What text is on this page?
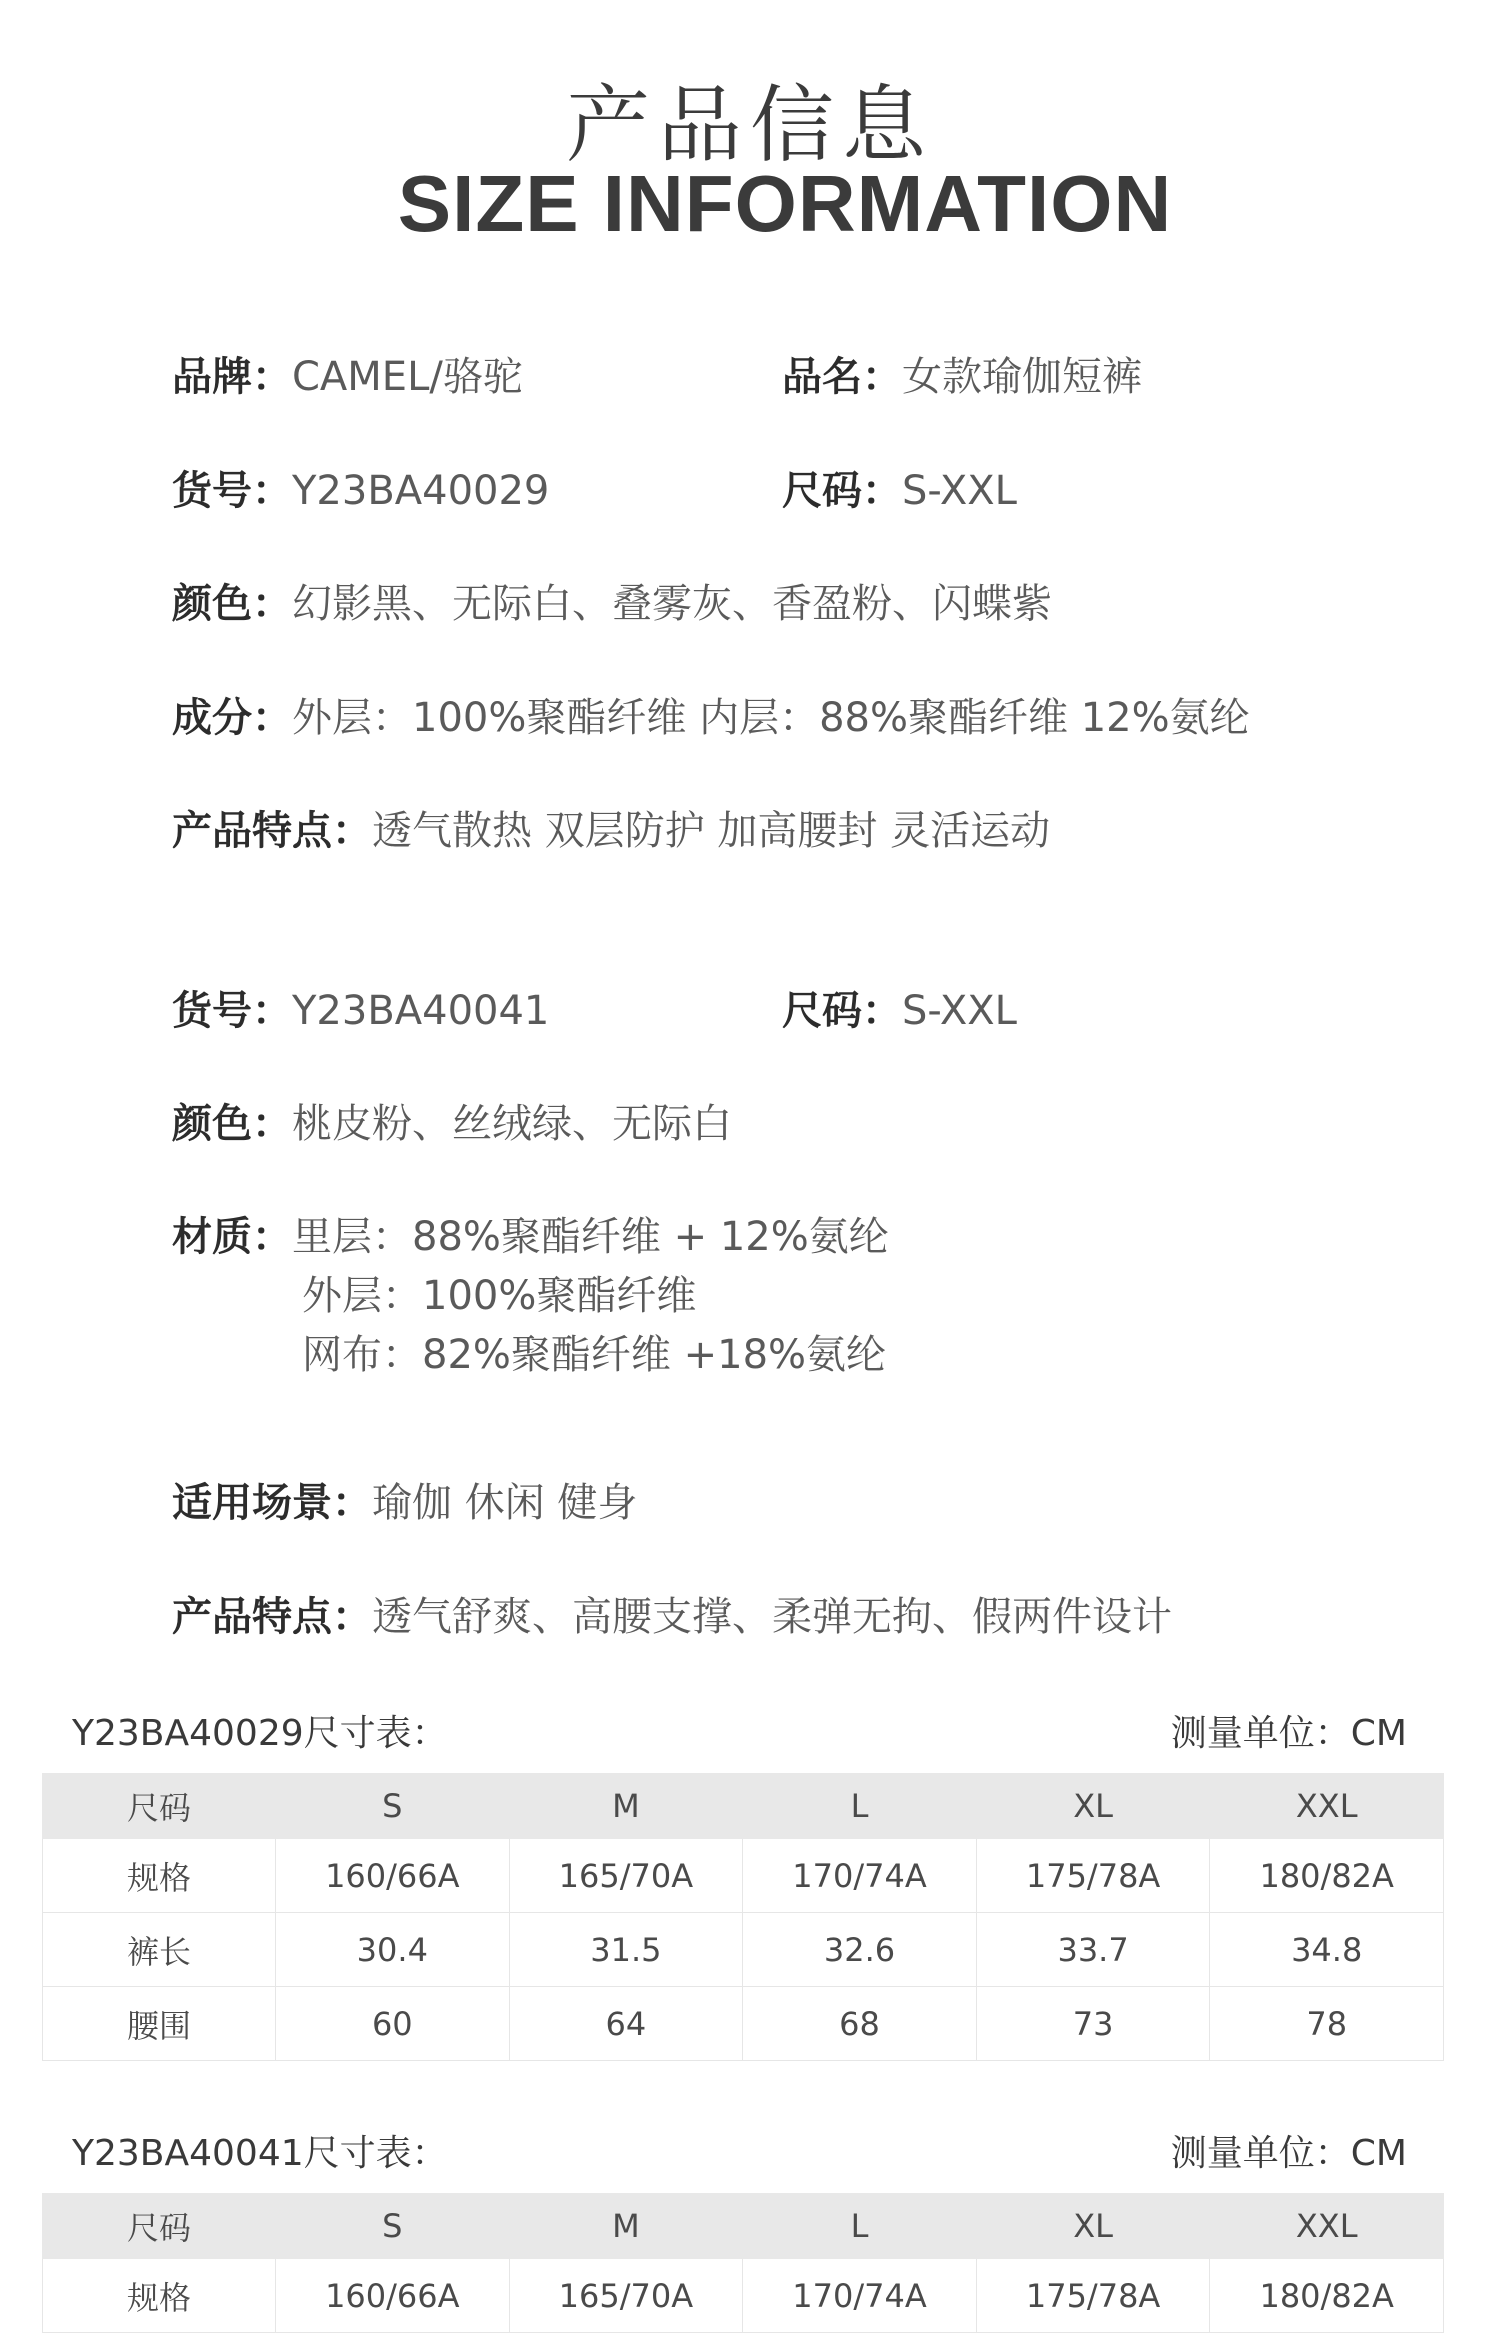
产品信息
SIZE INFORMATION
品牌：CAMEL/骆驼	品名：女款瑜伽短裤
货号：Y23BA40029	尺码：S-XXL
颜色：幻影黑、无际白、叠雾灰、香盈粉、闪蝶紫
成分：外层：100%聚酯纤维 内层：88%聚酯纤维 12%氨纶
产品特点：透气散热 双层防护 加高腰封 灵活运动
货号：Y23BA40041	尺码：S-XXL
颜色：桃皮粉、丝绒绿、无际白
材质：里层：88%聚酯纤维 + 12%氨纶
外层：100%聚酯纤维
网布：82%聚酯纤维 +18%氨纶
适用场景：瑜伽 休闲 健身
产品特点：透气舒爽、高腰支撑、柔弹无拘、假两件设计
Y23BA40029尺寸表：	测量单位：CM
尺码	S	M	L	XL	XXL
规格	160/66A	165/70A	170/74A	175/78A	180/82A
裤长	30.4	31.5	32.6	33.7	34.8
腰围	60	64	68	73	78
Y23BA40041尺寸表：	测量单位：CM
尺码	S	M	L	XL	XXL
规格	160/66A	165/70A	170/74A	175/78A	180/82A
